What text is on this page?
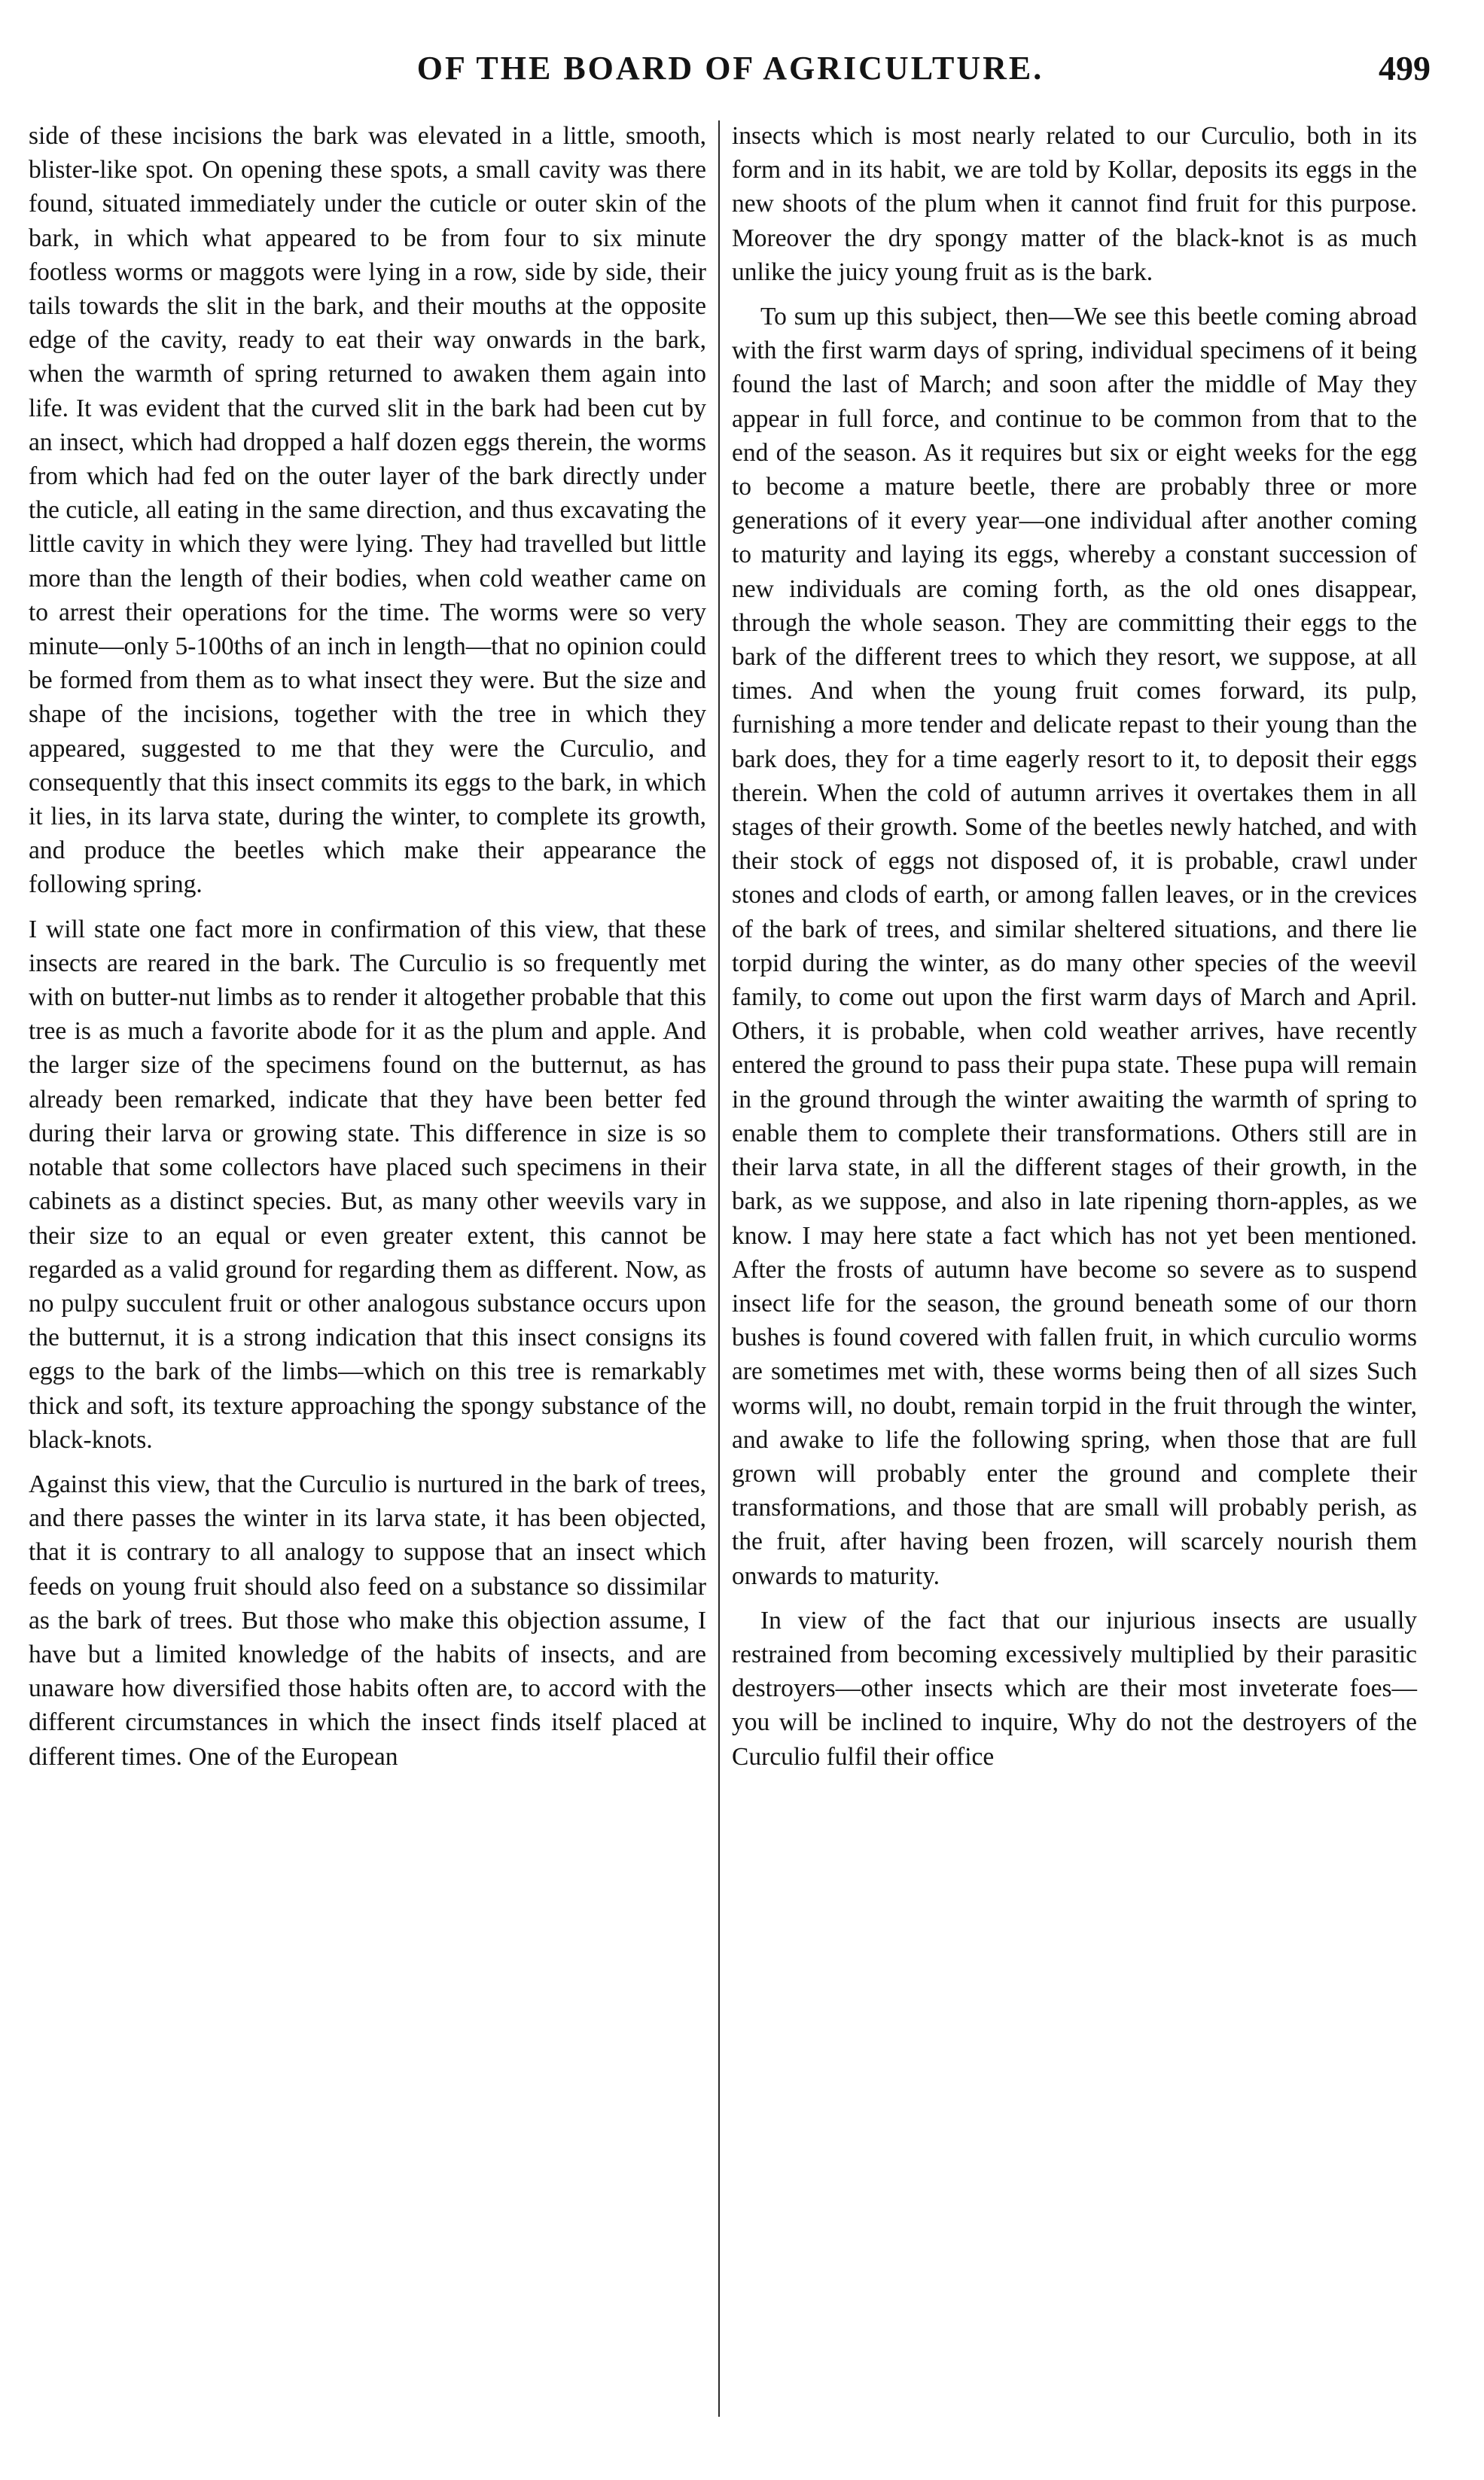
OF THE BOARD OF AGRICULTURE.	499

side of these incisions the bark was elevated in a little, smooth, blister-like spot. On opening these spots, a small cavity was there found, situated immediately under the cuticle or outer skin of the bark, in which what appeared to be from four to six minute footless worms or maggots were lying in a row, side by side, their tails towards the slit in the bark, and their mouths at the opposite edge of the cavity, ready to eat their way onwards in the bark, when the warmth of spring returned to awaken them again into life. It was evident that the curved slit in the bark had been cut by an insect, which had dropped a half dozen eggs therein, the worms from which had fed on the outer layer of the bark directly under the cuticle, all eating in the same direction, and thus excavating the little cavity in which they were lying. They had travelled but little more than the length of their bodies, when cold weather came on to arrest their operations for the time. The worms were so very minute—only 5-100ths of an inch in length—that no opinion could be formed from them as to what insect they were. But the size and shape of the incisions, together with the tree in which they appeared, suggested to me that they were the Curculio, and consequently that this insect commits its eggs to the bark, in which it lies, in its larva state, during the winter, to complete its growth, and produce the beetles which make their appearance the following spring.

I will state one fact more in confirmation of this view, that these insects are reared in the bark. The Curculio is so frequently met with on butter-nut limbs as to render it altogether probable that this tree is as much a favorite abode for it as the plum and apple. And the larger size of the specimens found on the butternut, as has already been remarked, indicate that they have been better fed during their larva or growing state. This difference in size is so notable that some collectors have placed such specimens in their cabinets as a distinct species. But, as many other weevils vary in their size to an equal or even greater extent, this cannot be regarded as a valid ground for regarding them as different. Now, as no pulpy succulent fruit or other analogous substance occurs upon the butternut, it is a strong indication that this insect consigns its eggs to the bark of the limbs—which on this tree is remarkably thick and soft, its texture approaching the spongy substance of the black-knots.

Against this view, that the Curculio is nurtured in the bark of trees, and there passes the winter in its larva state, it has been objected, that it is contrary to all analogy to suppose that an insect which feeds on young fruit should also feed on a substance so dissimilar as the bark of trees. But those who make this objection assume, I have but a limited knowledge of the habits of insects, and are unaware how diversified those habits often are, to accord with the different circumstances in which the insect finds itself placed at different times. One of the European

insects which is most nearly related to our Curculio, both in its form and in its habit, we are told by Kollar, deposits its eggs in the new shoots of the plum when it cannot find fruit for this purpose. Moreover the dry spongy matter of the black-knot is as much unlike the juicy young fruit as is the bark.

To sum up this subject, then—We see this beetle coming abroad with the first warm days of spring, individual specimens of it being found the last of March; and soon after the middle of May they appear in full force, and continue to be common from that to the end of the season. As it requires but six or eight weeks for the egg to become a mature beetle, there are probably three or more generations of it every year—one individual after another coming to maturity and laying its eggs, whereby a constant succession of new individuals are coming forth, as the old ones disappear, through the whole season. They are committing their eggs to the bark of the different trees to which they resort, we suppose, at all times. And when the young fruit comes forward, its pulp, furnishing a more tender and delicate repast to their young than the bark does, they for a time eagerly resort to it, to deposit their eggs therein. When the cold of autumn arrives it overtakes them in all stages of their growth. Some of the beetles newly hatched, and with their stock of eggs not disposed of, it is probable, crawl under stones and clods of earth, or among fallen leaves, or in the crevices of the bark of trees, and similar sheltered situations, and there lie torpid during the winter, as do many other species of the weevil family, to come out upon the first warm days of March and April. Others, it is probable, when cold weather arrives, have recently entered the ground to pass their pupa state. These pupa will remain in the ground through the winter awaiting the warmth of spring to enable them to complete their transformations. Others still are in their larva state, in all the different stages of their growth, in the bark, as we suppose, and also in late ripening thorn-apples, as we know. I may here state a fact which has not yet been mentioned. After the frosts of autumn have become so severe as to suspend insect life for the season, the ground beneath some of our thorn bushes is found covered with fallen fruit, in which curculio worms are sometimes met with, these worms being then of all sizes Such worms will, no doubt, remain torpid in the fruit through the winter, and awake to life the following spring, when those that are full grown will probably enter the ground and complete their transformations, and those that are small will probably perish, as the fruit, after having been frozen, will scarcely nourish them onwards to maturity.

In view of the fact that our injurious insects are usually restrained from becoming excessively multiplied by their parasitic destroyers—other insects which are their most inveterate foes—you will be inclined to inquire, Why do not the destroyers of the Curculio fulfil their office
